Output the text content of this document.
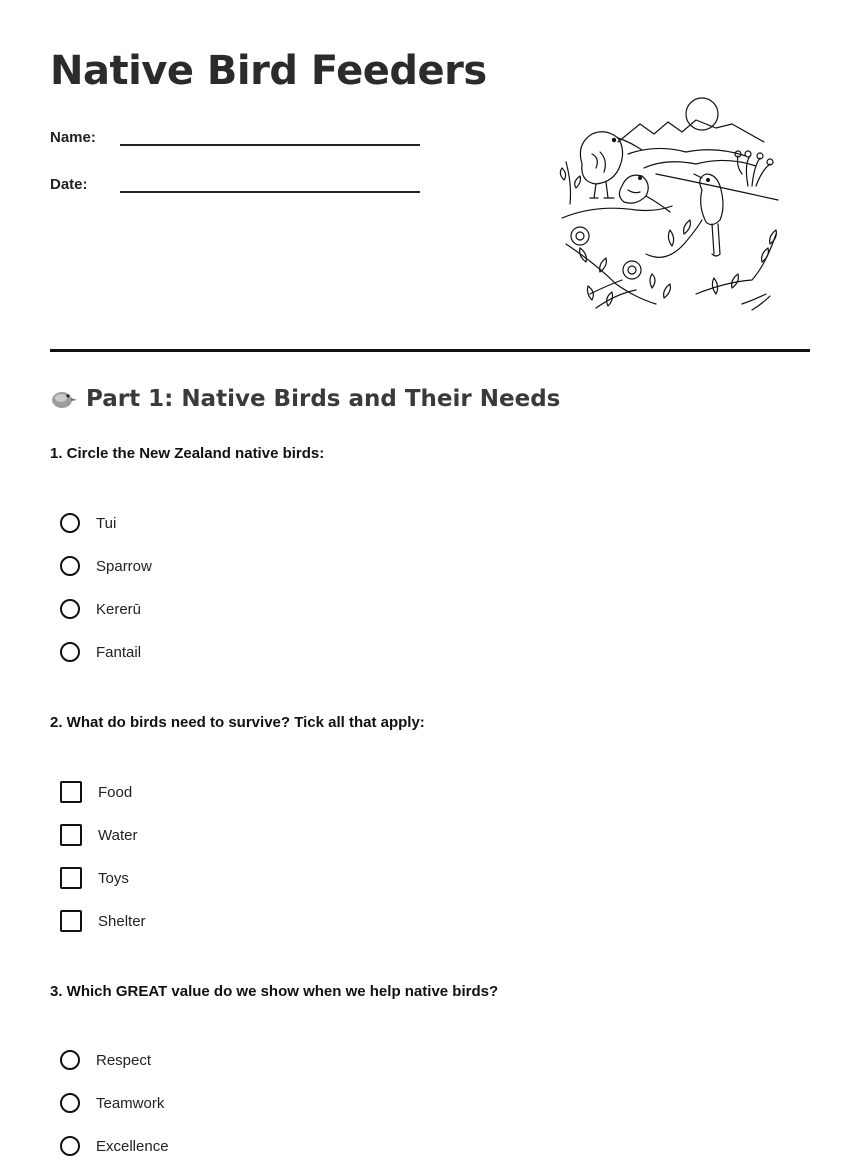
Native Bird Feeders
Name:
Date:
Part 1: Native Birds and Their Needs

1. Circle the New Zealand native birds:

Tui
Sparrow
Kererū
Fantail

2. What do birds need to survive? Tick all that apply:

Food
Water
Toys
Shelter

3. Which GREAT value do we show when we help native birds?

Respect
Teamwork
Excellence
